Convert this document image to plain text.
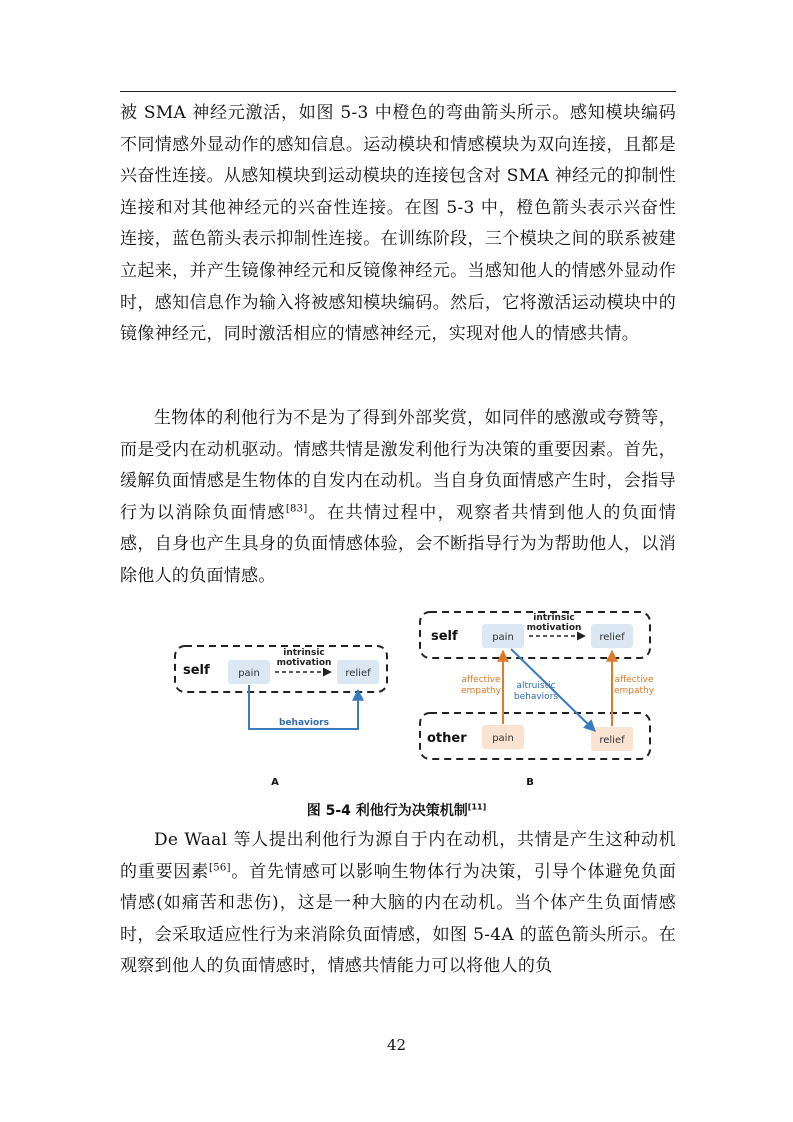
被 SMA 神经元激活，如图 5-3 中橙色的弯曲箭头所示。感知模块编码不同情感外显动作的感知信息。运动模块和情感模块为双向连接，且都是兴奋性连接。从感知模块到运动模块的连接包含对 SMA 神经元的抑制性连接和对其他神经元的兴奋性连接。在图 5-3 中，橙色箭头表示兴奋性连接，蓝色箭头表示抑制性连接。在训练阶段，三个模块之间的联系被建立起来，并产生镜像神经元和反镜像神经元。当感知他人的情感外显动作时，感知信息作为输入将被感知模块编码。然后，它将激活运动模块中的镜像神经元，同时激活相应的情感神经元，实现对他人的情感共情。

生物体的利他行为不是为了得到外部奖赏，如同伴的感激或夸赞等，而是受内在动机驱动。情感共情是激发利他行为决策的重要因素。首先，缓解负面情感是生物体的自发内在动机。当自身负面情感产生时，会指导行为以消除负面情感[83]。在共情过程中，观察者共情到他人的负面情感，自身也产生具身的负面情感体验，会不断指导行为为帮助他人，以消除他人的负面情感。

self	pain	relief
intrinsic
motivation
behaviors
A
self	pain	relief
intrinsic
motivation
other	pain	relief
affective
empathy
affective
empathy
altruistic
behaviors
B
图 5-4 利他行为决策机制[11]

De Waal 等人提出利他行为源自于内在动机，共情是产生这种动机的重要因素[56]。首先情感可以影响生物体行为决策，引导个体避免负面情感(如痛苦和悲伤)，这是一种大脑的内在动机。当个体产生负面情感时，会采取适应性行为来消除负面情感，如图 5-4A 的蓝色箭头所示。在观察到他人的负面情感时，情感共情能力可以将他人的负

42
